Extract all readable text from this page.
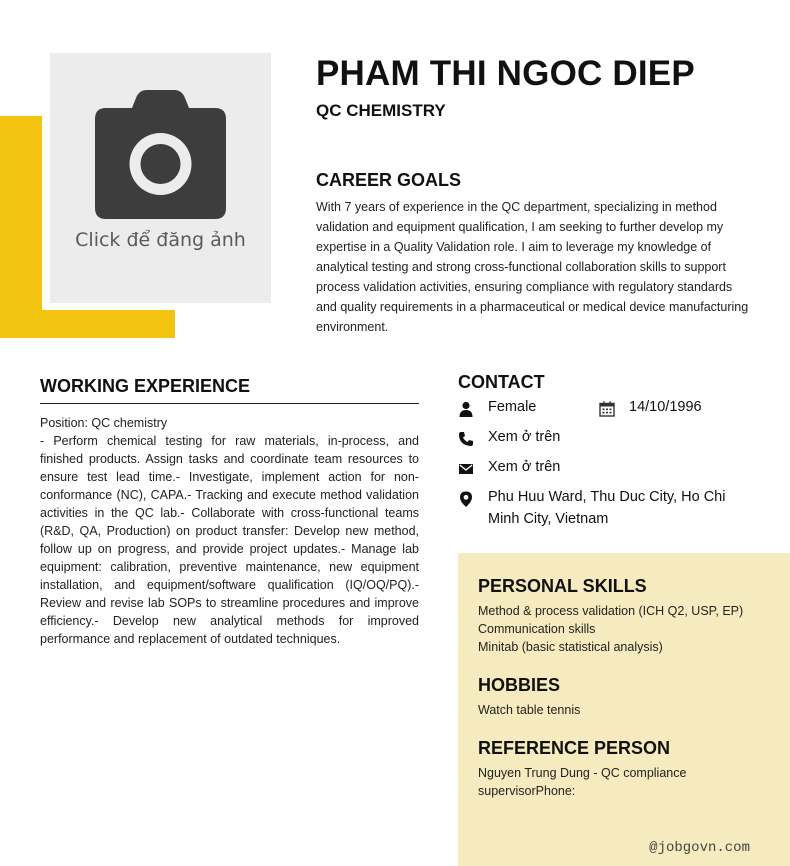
Click để đăng ảnh
PHAM THI NGOC DIEP
QC CHEMISTRY
CAREER GOALS
With 7 years of experience in the QC department, specializing in method validation and equipment qualification, I am seeking to further develop my expertise in a Quality Validation role. I aim to leverage my knowledge of analytical testing and strong cross-functional collaboration skills to support process validation activities, ensuring compliance with regulatory standards and quality requirements in a pharmaceutical or medical device manufacturing environment.
WORKING EXPERIENCE
Position: QC chemistry
- Perform chemical testing for raw materials, in-process, and finished products. Assign tasks and coordinate team resources to ensure test lead time.- Investigate, implement action for non-conformance (NC), CAPA.- Tracking and execute method validation activities in the QC lab.- Collaborate with cross-functional teams (R&D, QA, Production) on product transfer: Develop new method, follow up on progress, and provide project updates.- Manage lab equipment: calibration, preventive maintenance, new equipment installation, and equipment/software qualification (IQ/OQ/PQ).- Review and revise lab SOPs to streamline procedures and improve efficiency.- Develop new analytical methods for improved performance and replacement of outdated techniques.
CONTACT
Female	14/10/1996
Xem ở trên
Xem ở trên
Phu Huu Ward, Thu Duc City, Ho Chi Minh City, Vietnam
PERSONAL SKILLS
Method & process validation (ICH Q2, USP, EP)
Communication skills
Minitab (basic statistical analysis)
HOBBIES
Watch table tennis
REFERENCE PERSON
Nguyen Trung Dung - QC compliance supervisorPhone:
@jobgovn.com
